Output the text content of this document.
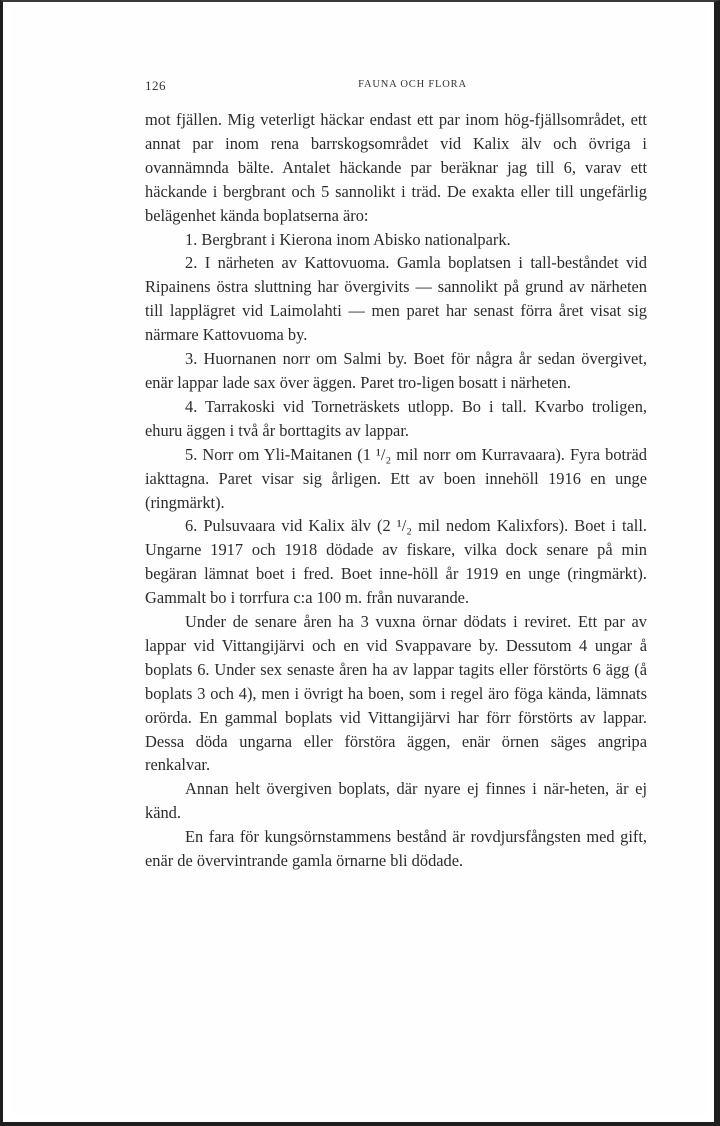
126	FAUNA OCH FLORA

mot fjällen. Mig veterligt häckar endast ett par inom hög-fjällsområdet, ett annat par inom rena barrskogsområdet vid Kalix älv och övriga i ovannämnda bälte. Antalet häckande par beräknar jag till 6, varav ett häckande i bergbrant och 5 sannolikt i träd. De exakta eller till ungefärlig belägenhet kända boplatserna äro:

1. Bergbrant i Kierona inom Abisko nationalpark.

2. I närheten av Kattovuoma. Gamla boplatsen i tall-beståndet vid Ripainens östra sluttning har övergivits — sannolikt på grund av närheten till lapplägret vid Laimolahti — men paret har senast förra året visat sig närmare Kattovuoma by.

3. Huornanen norr om Salmi by. Boet för några år sedan övergivet, enär lappar lade sax över äggen. Paret tro-ligen bosatt i närheten.

4. Tarrakoski vid Torneträskets utlopp. Bo i tall. Kvarbo troligen, ehuru äggen i två år borttagits av lappar.

5. Norr om Yli-Maitanen (1 ¹/₂ mil norr om Kurravaara). Fyra boträd iakttagna. Paret visar sig årligen. Ett av boen innehöll 1916 en unge (ringmärkt).

6. Pulsuvaara vid Kalix älv (2 ¹/₂ mil nedom Kalixfors). Boet i tall. Ungarne 1917 och 1918 dödade av fiskare, vilka dock senare på min begäran lämnat boet i fred. Boet inne-höll år 1919 en unge (ringmärkt). Gammalt bo i torrfura c:a 100 m. från nuvarande.

Under de senare åren ha 3 vuxna örnar dödats i reviret. Ett par av lappar vid Vittangijärvi och en vid Svappavare by. Dessutom 4 ungar å boplats 6. Under sex senaste åren ha av lappar tagits eller förstörts 6 ägg (å boplats 3 och 4), men i övrigt ha boen, som i regel äro föga kända, lämnats orörda. En gammal boplats vid Vittangijärvi har förr förstörts av lappar. Dessa döda ungarna eller förstöra äggen, enär örnen säges angripa renkalvar.

Annan helt övergiven boplats, där nyare ej finnes i när-heten, är ej känd.

En fara för kungsörnstammens bestånd är rovdjursfångsten med gift, enär de övervintrande gamla örnarne bli dödade.
